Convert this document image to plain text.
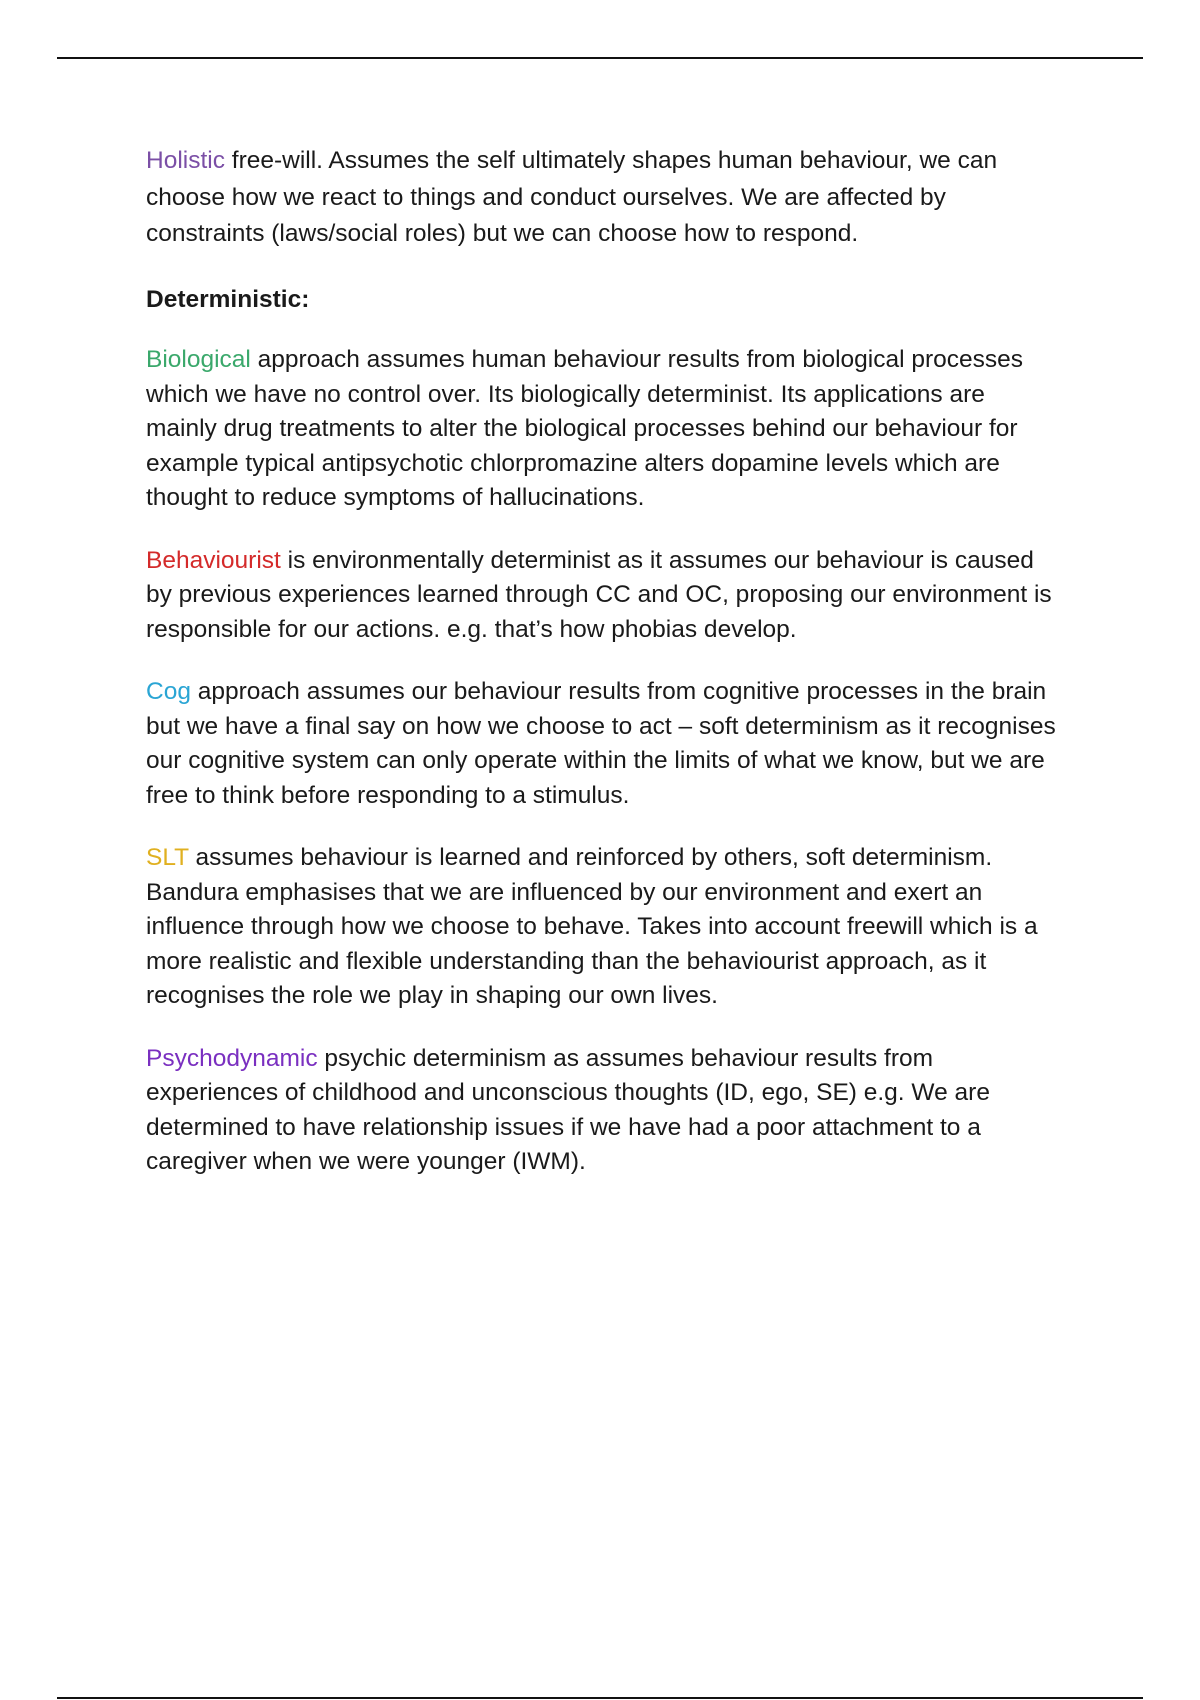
Holistic free-will. Assumes the self ultimately shapes human behaviour, we can choose how we react to things and conduct ourselves. We are affected by constraints (laws/social roles) but we can choose how to respond.

Deterministic:

Biological approach assumes human behaviour results from biological processes which we have no control over. Its biologically determinist. Its applications are mainly drug treatments to alter the biological processes behind our behaviour for example typical antipsychotic chlorpromazine alters dopamine levels which are thought to reduce symptoms of hallucinations.

Behaviourist is environmentally determinist as it assumes our behaviour is caused by previous experiences learned through CC and OC, proposing our environment is responsible for our actions. e.g. that’s how phobias develop.

Cog approach assumes our behaviour results from cognitive processes in the brain but we have a final say on how we choose to act – soft determinism as it recognises our cognitive system can only operate within the limits of what we know, but we are free to think before responding to a stimulus.

SLT assumes behaviour is learned and reinforced by others, soft determinism. Bandura emphasises that we are influenced by our environment and exert an influence through how we choose to behave. Takes into account freewill which is a more realistic and flexible understanding than the behaviourist approach, as it recognises the role we play in shaping our own lives.

Psychodynamic psychic determinism as assumes behaviour results from experiences of childhood and unconscious thoughts (ID, ego, SE) e.g. We are determined to have relationship issues if we have had a poor attachment to a caregiver when we were younger (IWM).
